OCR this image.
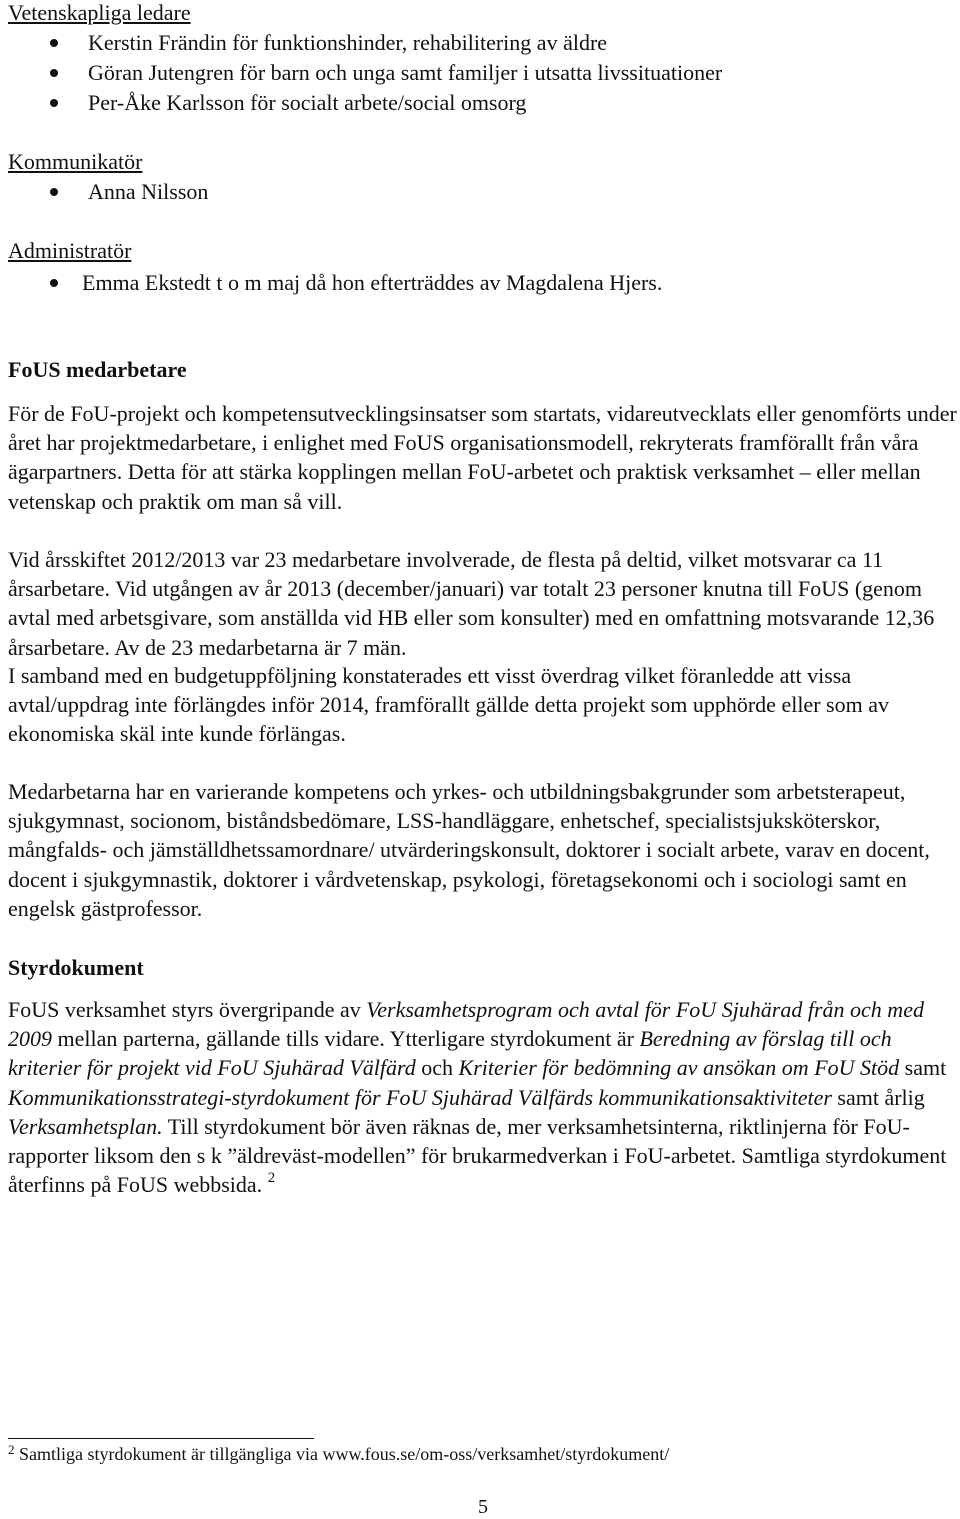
Vetenskapliga ledare
Kerstin Frändin för funktionshinder, rehabilitering av äldre
Göran Jutengren för barn och unga samt familjer i utsatta livssituationer
Per-Åke Karlsson för socialt arbete/social omsorg
Kommunikatör
Anna Nilsson
Administratör
Emma Ekstedt t o m maj då hon efterträddes av Magdalena Hjers.
FoUS medarbetare

För de FoU-projekt och kompetensutvecklingsinsatser som startats, vidareutvecklats eller genomförts under året har projektmedarbetare, i enlighet med FoUS organisationsmodell, rekryterats framförallt från våra ägarpartners. Detta för att stärka kopplingen mellan FoU-arbetet och praktisk verksamhet – eller mellan vetenskap och praktik om man så vill.

Vid årsskiftet 2012/2013 var 23 medarbetare involverade, de flesta på deltid, vilket motsvarar ca 11 årsarbetare. Vid utgången av år 2013 (december/januari) var totalt 23 personer knutna till FoUS (genom avtal med arbetsgivare, som anställda vid HB eller som konsulter) med en omfattning motsvarande 12,36 årsarbetare. Av de 23 medarbetarna är 7 män.

I samband med en budgetuppföljning konstaterades ett visst överdrag vilket föranledde att vissa avtal/uppdrag inte förlängdes inför 2014, framförallt gällde detta projekt som upphörde eller som av ekonomiska skäl inte kunde förlängas.

Medarbetarna har en varierande kompetens och yrkes- och utbildningsbakgrunder som arbetsterapeut, sjukgymnast, socionom, biståndsbedömare, LSS-handläggare, enhetschef, specialistsjuksköterskor, mångfalds- och jämställdhetssamordnare/ utvärderingskonsult, doktorer i socialt arbete, varav en docent, docent i sjukgymnastik, doktorer i vårdvetenskap, psykologi, företagsekonomi och i sociologi samt en engelsk gästprofessor.

Styrdokument

FoUS verksamhet styrs övergripande av Verksamhetsprogram och avtal för FoU Sjuhärad från och med 2009 mellan parterna, gällande tills vidare. Ytterligare styrdokument är Beredning av förslag till och kriterier för projekt vid FoU Sjuhärad Välfärd och Kriterier för bedömning av ansökan om FoU Stöd samt Kommunikationsstrategi-styrdokument för FoU Sjuhärad Välfärds kommunikationsaktiviteter samt årlig Verksamhetsplan. Till styrdokument bör även räknas de, mer verksamhetsinterna, riktlinjerna för FoU-rapporter liksom den s k ”äldreväst-modellen” för brukarmedverkan i FoU-arbetet. Samtliga styrdokument återfinns på FoUS webbsida. $^2$

$^2$ Samtliga styrdokument är tillgängliga via www.fous.se/om-oss/verksamhet/styrdokument/
5
